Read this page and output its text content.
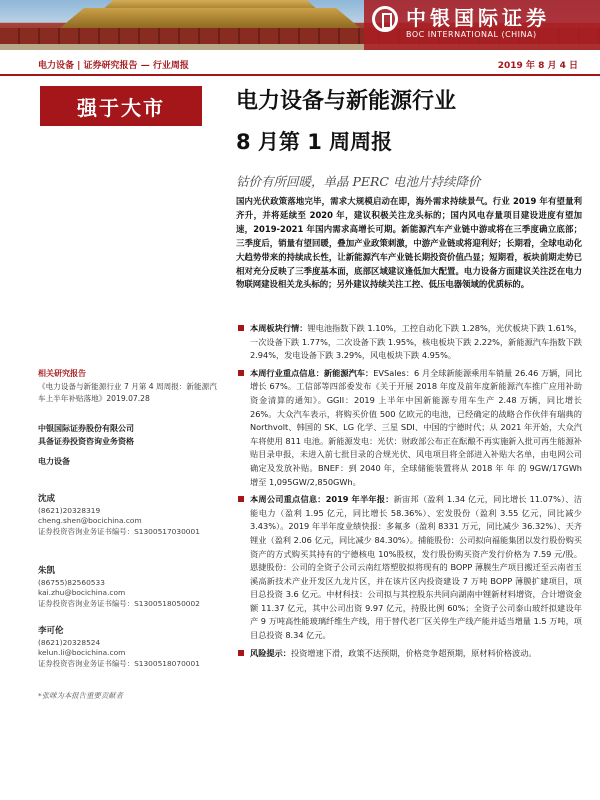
中银国际证券
BOC INTERNATIONAL (CHINA)
电力设备 | 证券研究报告 — 行业周报	2019 年 8 月 4 日
强于大市	电力设备与新能源行业
8 月第 1 周周报
钴价有所回暖，单晶 PERC 电池片持续降价
国内光伏政策落地完毕，需求大规模启动在即，海外需求持续景气。行业 2019 年有望量利齐升，并将延续至 2020 年，建议积极关注龙头标的；国内风电存量项目建设进度有望加速，2019-2021 年国内需求高增长可期。新能源汽车产业链中游或将在三季度确立底部；三季度后，销量有望回暖，叠加产业政策刺激，中游产业链或将迎利好；长期看，全球电动化大趋势带来的持续成长性，让新能源汽车产业链长期投资价值凸显；短期看，板块前期走势已相对充分反映了三季度基本面，底部区域建议逢低加大配置。电力设备方面建议关注泛在电力物联网建设相关龙头标的；另外建议持续关注工控、低压电器领域的优质标的。
本周板块行情：锂电池指数下跌 1.10%，工控自动化下跌 1.28%，光伏板块下跌 1.61%，一次设备下跌 1.77%，二次设备下跌 1.95%，核电板块下跌 2.22%，新能源汽车指数下跌 2.94%，发电设备下跌 3.29%，风电板块下跌 4.95%。
本周行业重点信息：新能源汽车：EVSales：6 月全球新能源乘用车销量 26.46 万辆，同比增长 67%。工信部等四部委发布《关于开展 2018 年度及前年度新能源汽车推广应用补助资金清算的通知》。GGII：2019 上半年中国新能源专用车生产 2.48 万辆，同比增长 26%。大众汽车表示，将购买价值 500 亿欧元的电池，已经确定的战略合作伙伴有瑞典的 Northvolt、韩国的 SK、LG 化学、三星 SDI、中国的宁德时代；从 2021 年开始，大众汽车将使用 811 电池。新能源发电：光伏：财政部公布正在酝酿不再实施新入批可再生能源补贴目录申报，未进入前七批目录的合规光伏、风电项目将全部进入补贴大名单，由电网公司确定及发放补贴。BNEF：到 2040 年，全球储能装置将从 2018 年 年 的 9GW/17GWh 增至 1,095GW/2,850GWh。
本周公司重点信息：2019 年半年报：新宙邦（盈利 1.34 亿元，同比增长 11.07%）、洁能电力（盈利 1.95 亿元，同比增长 58.36%）、宏发股份（盈利 3.55 亿元，同比减少 3.43%）。2019 年半年度业绩快报：多氟多（盈利 8331 万元，同比减少 36.32%）、天齐锂业（盈利 2.06 亿元，同比减少 84.30%）。捕能股份：公司拟向福能集团以发行股份购买资产的方式购买其持有的宁德核电 10%股权，发行股份购买资产发行价格为 7.59 元/股。恩捷股份：公司的全资子公司云南红塔塑胶拟将现有的 BOPP 薄膜生产项目搬迁至云南省玉溪高新技术产业开发区九龙片区，并在该片区内投资建设 7 万吨 BOPP 薄膜扩建项目，项目总投资 3.6 亿元。中材科技：公司拟与其控股东共同向湖南中锂新材料增资，合计增资金额 11.37 亿元，其中公司出资 9.97 亿元，持股比例 60%；全资子公司泰山玻纤拟建设年产 9 万吨高性能玻璃纤维生产线，用于替代老厂区关停生产线产能并适当增量 1.5 万吨，项目总投资 8.34 亿元。
风险提示：投资增速下滑，政策不达预期，价格竞争超预期，原材料价格波动。
相关研究报告
《电力设备与新能源行业 7 月第 4 周周报：新能源汽车上半年补贴落地》2019.07.28
中银国际证券股份有限公司
具备证券投资咨询业务资格
电力设备
沈成
(8621)20328319
cheng.shen@bocichina.com
证券投资咨询业务证书编号：S1300517030001
朱凯
(86755)82560533
kai.zhu@bocichina.com
证券投资咨询业务证书编号：S1300518050002
李可伦
(8621)20328524
kelun.li@bocichina.com
证券投资咨询业务证书编号：S1300518070001
*张咪为本报告重要贡献者
